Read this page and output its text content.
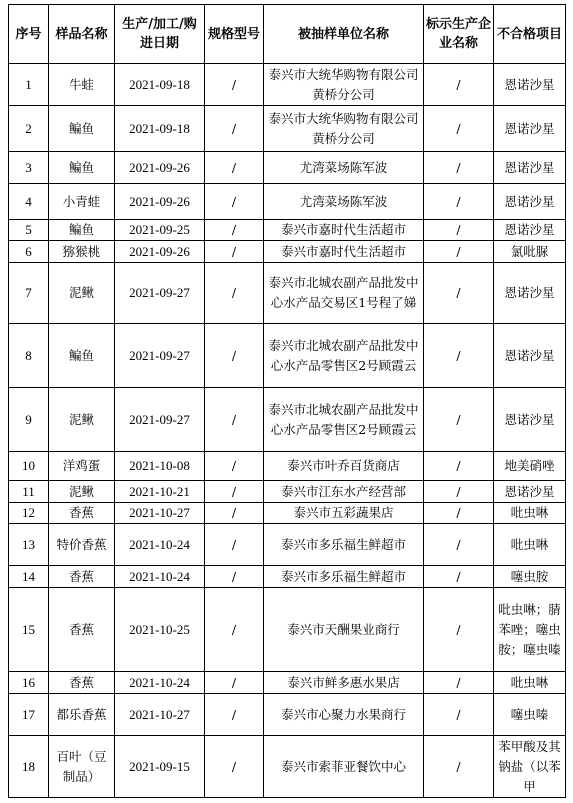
序号	样品名称	生产/加工/购进日期	规格型号	被抽样单位名称	标示生产企业名称	不合格项目
1	牛蛙	2021-09-18	/	泰兴市大统华购物有限公司黄桥分公司	/	恩诺沙星
2	鳊鱼	2021-09-18	/	泰兴市大统华购物有限公司黄桥分公司	/	恩诺沙星
3	鳊鱼	2021-09-26	/	尤湾菜场陈军波	/	恩诺沙星
4	小青蛙	2021-09-26	/	尤湾菜场陈军波	/	恩诺沙星
5	鳊鱼	2021-09-25	/	泰兴市嘉时代生活超市	/	恩诺沙星
6	猕猴桃	2021-09-26	/	泰兴市嘉时代生活超市	/	氯吡脲
7	泥鳅	2021-09-27	/	泰兴市北城农副产品批发中心水产品交易区1号程了娣	/	恩诺沙星
8	鳊鱼	2021-09-27	/	泰兴市北城农副产品批发中心水产品零售区2号顾霞云	/	恩诺沙星
9	泥鳅	2021-09-27	/	泰兴市北城农副产品批发中心水产品零售区2号顾霞云	/	恩诺沙星
10	洋鸡蛋	2021-10-08	/	泰兴市叶乔百货商店	/	地美硝唑
11	泥鳅	2021-10-21	/	泰兴市江东水产经营部	/	恩诺沙星
12	香蕉	2021-10-27	/	泰兴市五彩蔬果店	/	吡虫啉
13	特价香蕉	2021-10-24	/	泰兴市多乐福生鲜超市	/	吡虫啉
14	香蕉	2021-10-24	/	泰兴市多乐福生鲜超市	/	噻虫胺
15	香蕉	2021-10-25	/	泰兴市天酬果业商行	/	吡虫啉；腈苯唑；噻虫胺；噻虫嗪
16	香蕉	2021-10-24	/	泰兴市鲜多惠水果店	/	吡虫啉
17	都乐香蕉	2021-10-27	/	泰兴市心聚力水果商行	/	噻虫嗪
18	百叶（豆制品）	2021-09-15	/	泰兴市索菲亚餐饮中心	/	苯甲酸及其钠盐（以苯甲
